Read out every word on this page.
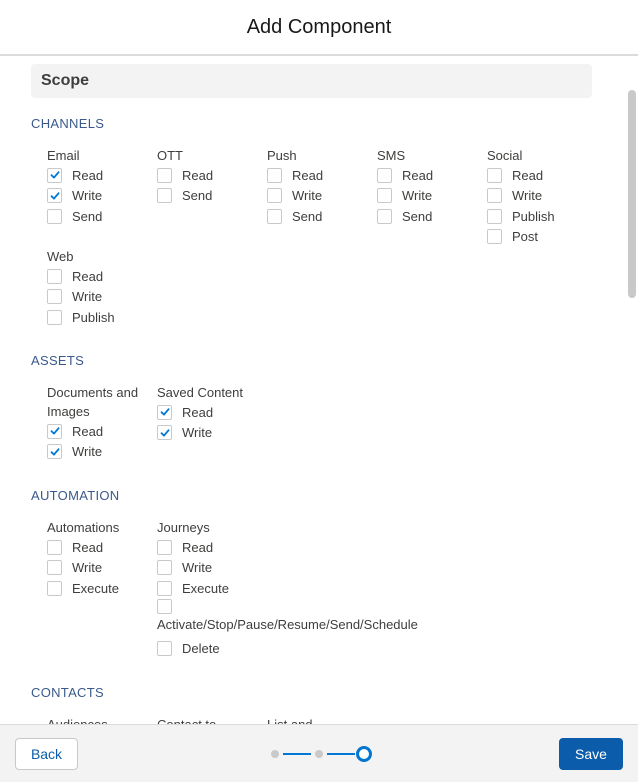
Add Component
Scope
CHANNELS
Email
Read
Write
Send
OTT
Read
Send
Push
Read
Write
Send
SMS
Read
Write
Send
Social
Read
Write
Publish
Post
Web
Read
Write
Publish
ASSETS
Documents and
Images
Read
Write
Saved Content
Read
Write
AUTOMATION
Automations
Read
Write
Execute
Journeys
Read
Write
Execute
Activate/Stop/Pause/Resume/Send/Schedule
Delete
CONTACTS
Back	Save
